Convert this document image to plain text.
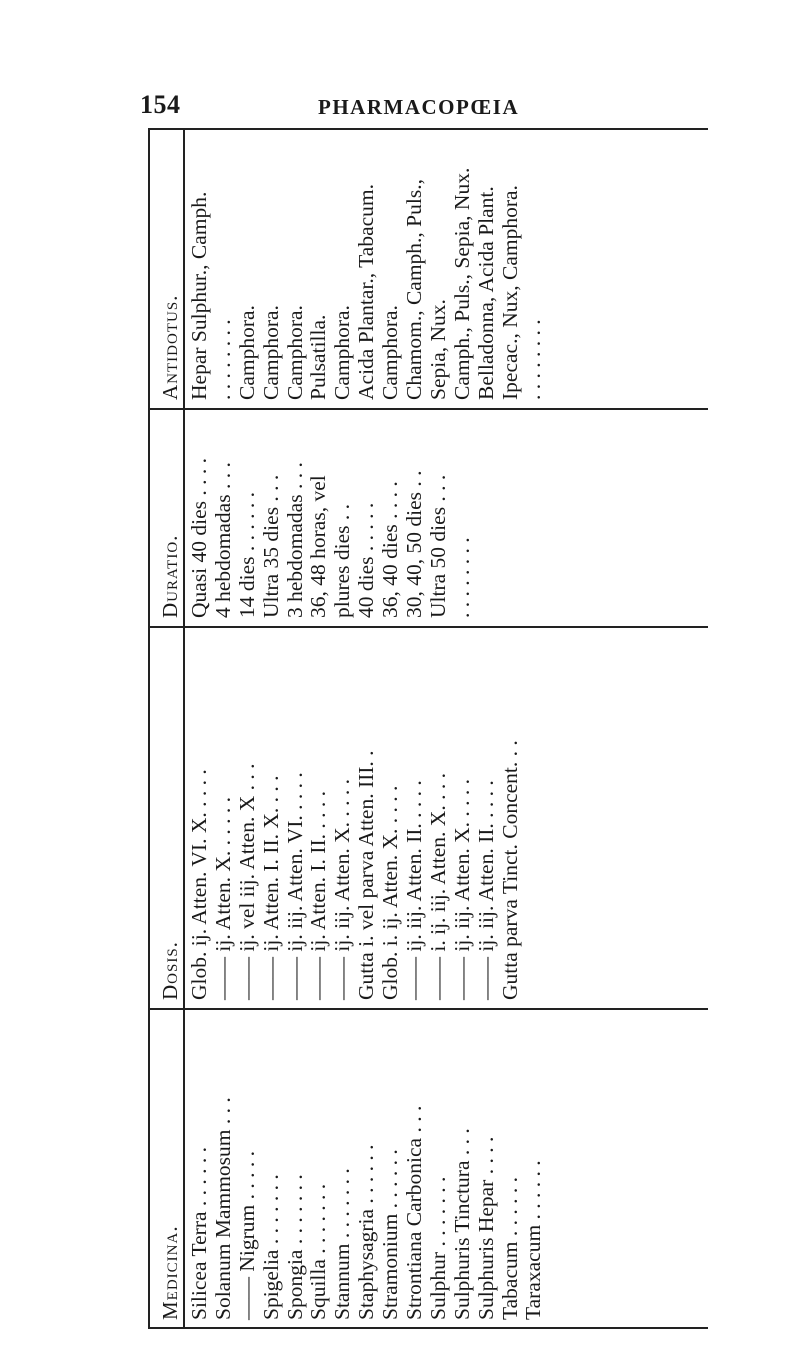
154	PHARMACOPŒIA
Antidotus. Hepar Sulphur., Camph. . . . . . . . . Camphora. Camphora. Camphora. Pulsatilla. Camphora. Acida Plantar., Tabacum. Camphora. Chamom., Camph., Puls., Sepia, Nux. Camph., Puls., Sepia, Nux. Belladonna, Acida Plant. Ipecac., Nux, Camphora. . . . . . . . .
Duratio. Quasi 40 dies . . . . 4 hebdomadas . . . 14 dies . . . . . . Ultra 35 dies . . . 3 hebdomadas . . . 36, 48 horas, vel plures dies . . 40 dies . . . . . 36, 40 dies . . . . 30, 40, 50 dies . . Ultra 50 dies . . . . . . . . . . .
Dosis. Glob. ij. Atten. VI. X. . . . . —— ij. Atten. X. . . . . . —— ij. vel iij. Atten. X . . . —— ij. Atten. I. II. X. . . . —— ij. iij. Atten. VI. . . . . —— ij. Atten. I. II. . . . . —— ij. iij. Atten. X. . . . . Gutta i. vel parva Atten. III. . Glob. i. ij. Atten. X. . . . . —— ij. iij. Atten. II. . . . . —— i. ij. iij. Atten. X. . . . —— ij. iij. Atten. X. . . . . —— ij. iij. Atten. II. . . . . Gutta parva Tinct. Concent. . .
Medicina. Silicea Terra . . . . . . Solanum Mammosum . . . —— Nigrum . . . . . Spigelia . . . . . . . Spongia . . . . . . . Squilla . . . . . . . Stannum . . . . . . . Staphysagria . . . . . . Stramonium . . . . . . Strontiana Carbonica . . . Sulphur . . . . . . . Sulphuris Tinctura . . . Sulphuris Hepar . . . . Tabacum . . . . . . Taraxacum . . . . . .
